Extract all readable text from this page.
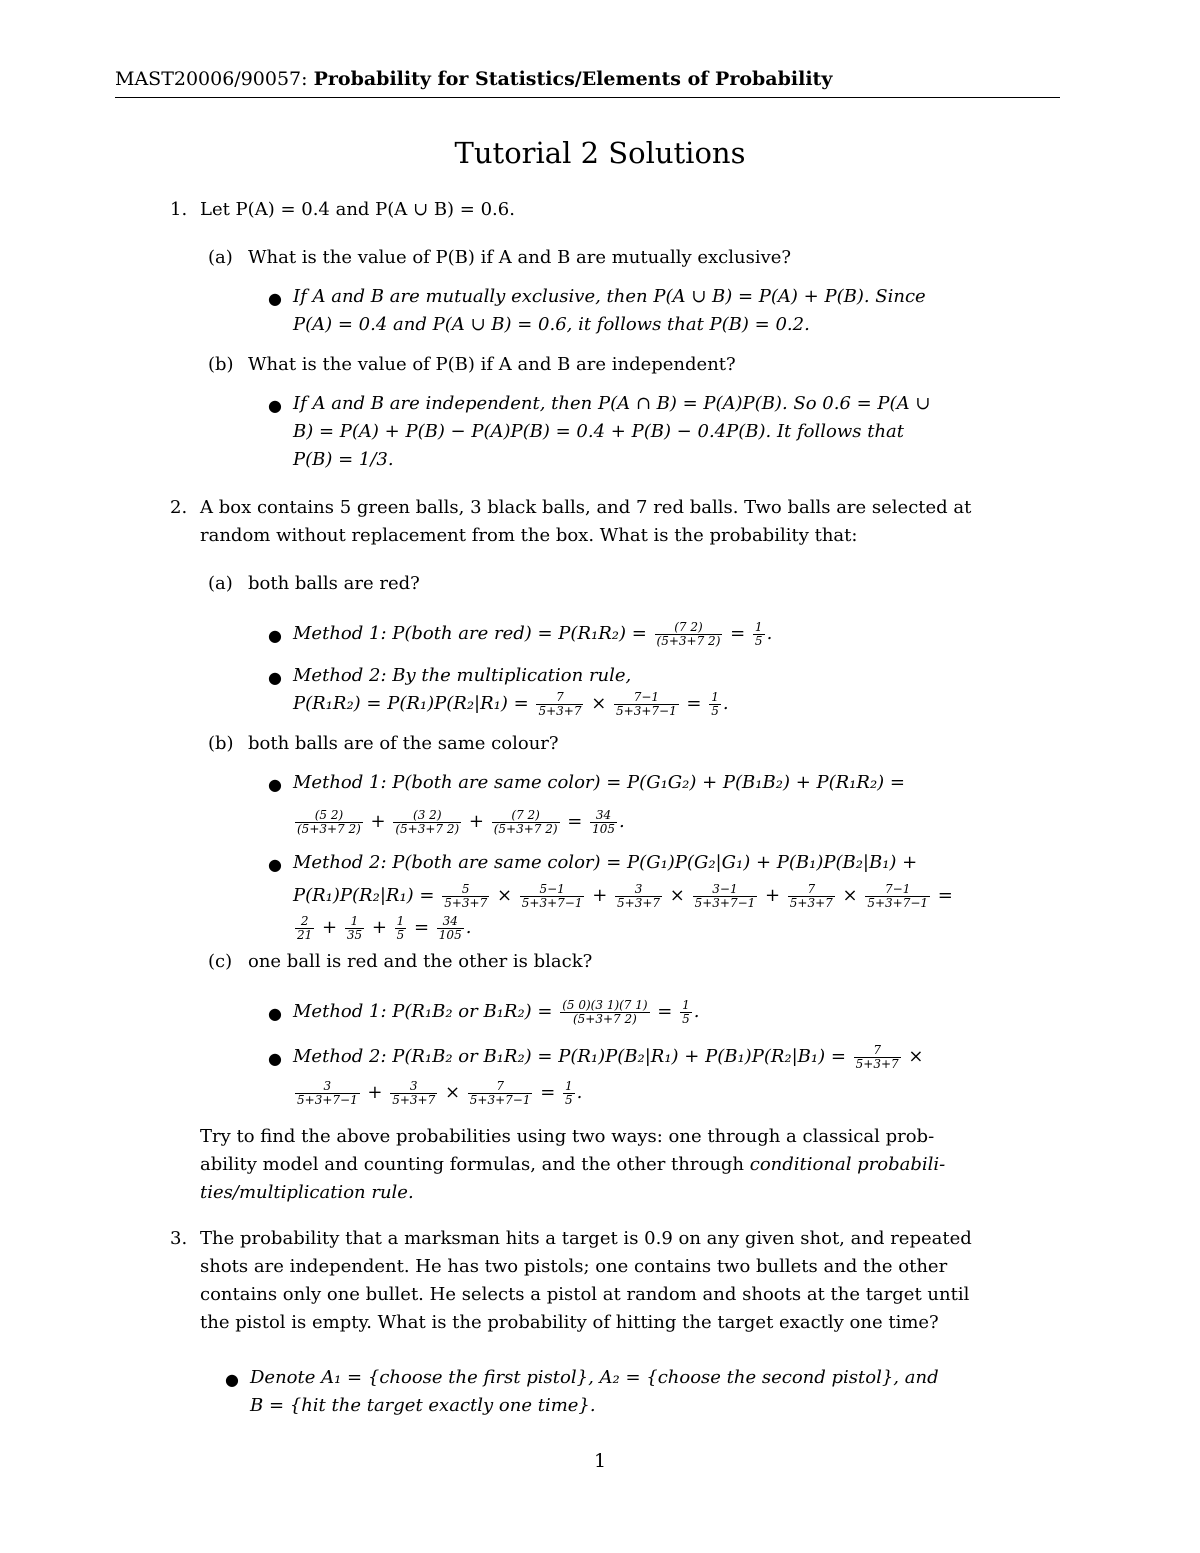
MAST20006/90057: Probability for Statistics/Elements of Probability
Tutorial 2 Solutions
1. Let P(A) = 0.4 and P(A ∪ B) = 0.6.
(a) What is the value of P(B) if A and B are mutually exclusive?
● If A and B are mutually exclusive, then P(A ∪ B) = P(A) + P(B). Since
P(A) = 0.4 and P(A ∪ B) = 0.6, it follows that P(B) = 0.2.
(b) What is the value of P(B) if A and B are independent?
● If A and B are independent, then P(A ∩ B) = P(A)P(B). So 0.6 = P(A ∪
B) = P(A) + P(B) − P(A)P(B) = 0.4 + P(B) − 0.4P(B). It follows that
P(B) = 1/3.
2. A box contains 5 green balls, 3 black balls, and 7 red balls. Two balls are selected at
random without replacement from the box. What is the probability that:
(a) both balls are red?
● Method 1: P(both are $red) = P(R_1R_2) = \frac{(7 2)}{(5+3+7 2)} = \frac{1}{5}$ .
● Method 2: By the multiplication rule,
$P(R_1R_2) = P(R_1)P(R_2|R_1) = \frac{7}{5+3+7} \times \frac{7-1}{5+3+7-1} = \frac{1}{5}$ .
(b) both balls are of the same colour?
● Method 1: P(both are same color) = P(G₁G₂) + P(B₁B₂) + P(R₁R₂) =
$\frac{(5 2)}{(5+3+7 2)} + \frac{(3 2)}{(5+3+7 2)} + \frac{(7 2)}{(5+3+7 2)} = \frac{34}{105}$ .
● Method 2: P(both are same color) = P(G₁)P(G₂|G₁) + P(B₁)P(B₂|B₁) +
$P(R_1)P(R_2|R_1) = \frac{5}{5+3+7} \times \frac{5-1}{5+3+7-1} + \frac{3}{5+3+7} \times \frac{3-1}{5+3+7-1} + \frac{7}{5+3+7} \times \frac{7-1}{5+3+7-1}$ =
$\frac{2}{21} + \frac{1}{35} + \frac{1}{5} = \frac{34}{105}$ .
(c) one ball is red and the other is black?
● Method 1: P(R₁B₂ or $B_1R_2) = \frac{(5 0)(3 1)(7 1)}{(5+3+7 2)} = \frac{1}{5}$ .
● Method 2: P(R₁B₂ or $B_1R_2) = P(R_1)P(B_2|R_1) + P(B_1)P(R_2|B_1) = \frac{7}{5+3+7}$ ×
$\frac{3}{5+3+7-1} + \frac{3}{5+3+7} \times \frac{7}{5+3+7-1} = \frac{1}{5}$ .
Try to find the above probabilities using two ways: one through a classical prob-
ability model and counting formulas, and the other through conditional probabili-
ties/multiplication rule.
3. The probability that a marksman hits a target is 0.9 on any given shot, and repeated
shots are independent. He has two pistols; one contains two bullets and the other
contains only one bullet. He selects a pistol at random and shoots at the target until
the pistol is empty. What is the probability of hitting the target exactly one time?
● Denote A₁ = {choose the first pistol}, A₂ = {choose the second pistol}, and
B = {hit the target exactly one time}.
1
